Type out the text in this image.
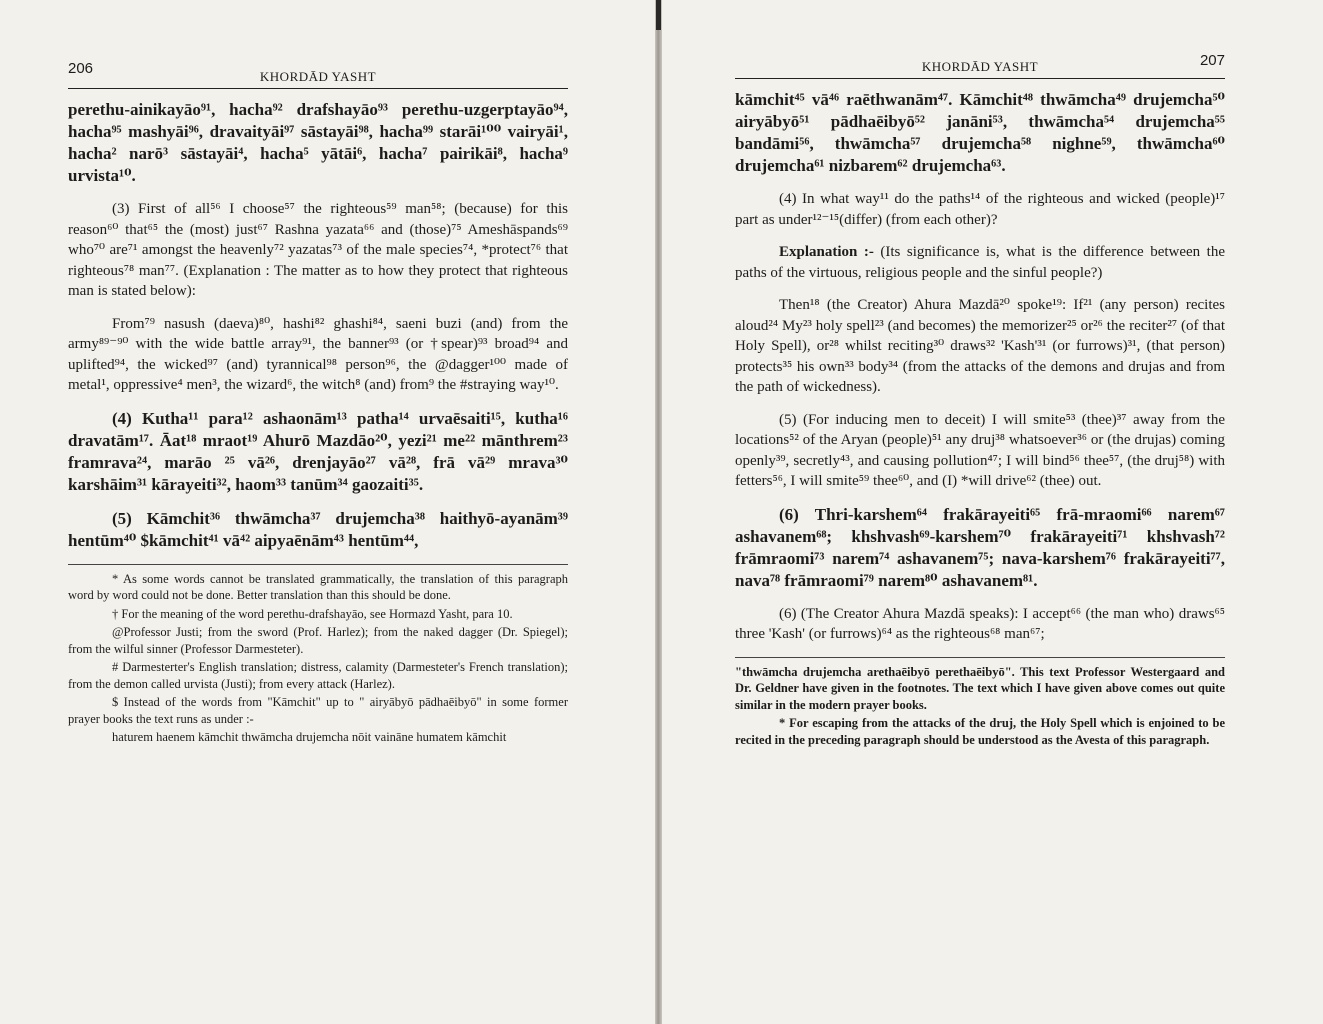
206	KHORDĀD YASHT

perethu-ainikayāo⁹¹, hacha⁹² drafshayāo⁹³ perethu-uzgerptayāo⁹⁴, hacha⁹⁵ mashyāi⁹⁶, dravaityāi⁹⁷ sāstayāi⁹⁸, hacha⁹⁹ starāi¹⁰⁰ vairyāi¹, hacha² narō³ sāstayāi⁴, hacha⁵ yātāi⁶, hacha⁷ pairikāi⁸, hacha⁹ urvista¹⁰.

(3) First of all⁵⁶ I choose⁵⁷ the righteous⁵⁹ man⁵⁸; (because) for this reason⁶⁰ that⁶⁵ the (most) just⁶⁷ Rashna yazata⁶⁶ and (those)⁷⁵ Ameshāspands⁶⁹ who⁷⁰ are⁷¹ amongst the heavenly⁷² yazatas⁷³ of the male species⁷⁴, *protect⁷⁶ that righteous⁷⁸ man⁷⁷. (Explanation : The matter as to how they protect that righteous man is stated below):

From⁷⁹ nasush (daeva)⁸⁰, hashi⁸² ghashi⁸⁴, saeni buzi (and) from the army⁸⁹⁻⁹⁰ with the wide battle array⁹¹, the banner⁹³ (or †spear)⁹³ broad⁹⁴ and uplifted⁹⁴, the wicked⁹⁷ (and) tyrannical⁹⁸ person⁹⁶, the @dagger¹⁰⁰ made of metal¹, oppressive⁴ men³, the wizard⁶, the witch⁸ (and) from⁹ the #straying way¹⁰.

(4) Kutha¹¹ para¹² ashaonām¹³ patha¹⁴ urvaēsaiti¹⁵, kutha¹⁶ dravatām¹⁷. Āat¹⁸ mraot¹⁹ Ahurō Mazdāo²⁰, yezi²¹ me²² mānthrem²³ framrava²⁴, marāo ²⁵ vā²⁶, drenjayāo²⁷ vā²⁸, frā vā²⁹ mrava³⁰ karshāim³¹ kārayeiti³², haom³³ tanūm³⁴ gaozaiti³⁵.

(5) Kāmchit³⁶ thwāmcha³⁷ drujemcha³⁸ haithyō-ayanām³⁹ hentūm⁴⁰ $kāmchit⁴¹ vā⁴² aipyaēnām⁴³ hentūm⁴⁴,

* As some words cannot be translated grammatically, the translation of this paragraph word by word could not be done. Better translation than this should be done.

† For the meaning of the word perethu-drafshayāo, see Hormazd Yasht, para 10.

@Professor Justi; from the sword (Prof. Harlez); from the naked dagger (Dr. Spiegel); from the wilful sinner (Professor Darmesteter).

# Darmesterter's English translation; distress, calamity (Darmesteter's French translation); from the demon called urvista (Justi); from every attack (Harlez).

$ Instead of the words from "Kāmchit" up to " airyābyō pādhaēibyō" in some former prayer books the text runs as under :-

haturem haenem kāmchit thwāmcha drujemcha nōit vaināne humatem kāmchit

KHORDĀD YASHT	207

kāmchit⁴⁵ vā⁴⁶ raēthwanām⁴⁷. Kāmchit⁴⁸ thwāmcha⁴⁹ drujemcha⁵⁰ airyābyō⁵¹ pādhaēibyō⁵² janāni⁵³, thwāmcha⁵⁴ drujemcha⁵⁵ bandāmi⁵⁶, thwāmcha⁵⁷ drujemcha⁵⁸ nighne⁵⁹, thwāmcha⁶⁰ drujemcha⁶¹ nizbarem⁶² drujemcha⁶³.

(4) In what way¹¹ do the paths¹⁴ of the righteous and wicked (people)¹⁷ part as under¹²⁻¹⁵(differ) (from each other)?

Explanation :- (Its significance is, what is the difference between the paths of the virtuous, religious people and the sinful people?)

Then¹⁸ (the Creator) Ahura Mazdā²⁰ spoke¹⁹: If²¹ (any person) recites aloud²⁴ My²³ holy spell²³ (and becomes) the memorizer²⁵ or²⁶ the reciter²⁷ (of that Holy Spell), or²⁸ whilst reciting³⁰ draws³² 'Kash'³¹ (or furrows)³¹, (that person) protects³⁵ his own³³ body³⁴ (from the attacks of the demons and drujas and from the path of wickedness).

(5) (For inducing men to deceit) I will smite⁵³ (thee)³⁷ away from the locations⁵² of the Aryan (people)⁵¹ any druj³⁸ whatsoever³⁶ or (the drujas) coming openly³⁹, secretly⁴³, and causing pollution⁴⁷; I will bind⁵⁶ thee⁵⁷, (the druj⁵⁸) with fetters⁵⁶, I will smite⁵⁹ thee⁶⁰, and (I) *will drive⁶² (thee) out.

(6) Thri-karshem⁶⁴ frakārayeiti⁶⁵ frā-mraomi⁶⁶ narem⁶⁷ ashavanem⁶⁸; khshvash⁶⁹-karshem⁷⁰ frakārayeiti⁷¹ khshvash⁷² frāmraomi⁷³ narem⁷⁴ ashavanem⁷⁵; nava-karshem⁷⁶ frakārayeiti⁷⁷, nava⁷⁸ frāmraomi⁷⁹ narem⁸⁰ ashavanem⁸¹.

(6) (The Creator Ahura Mazdā speaks): I accept⁶⁶ (the man who) draws⁶⁵ three 'Kash' (or furrows)⁶⁴ as the righteous⁶⁸ man⁶⁷;

"thwāmcha drujemcha arethaēibyō perethaēibyō". This text Professor Westergaard and Dr. Geldner have given in the footnotes. The text which I have given above comes out quite similar in the modern prayer books.

* For escaping from the attacks of the druj, the Holy Spell which is enjoined to be recited in the preceding paragraph should be understood as the Avesta of this paragraph.
